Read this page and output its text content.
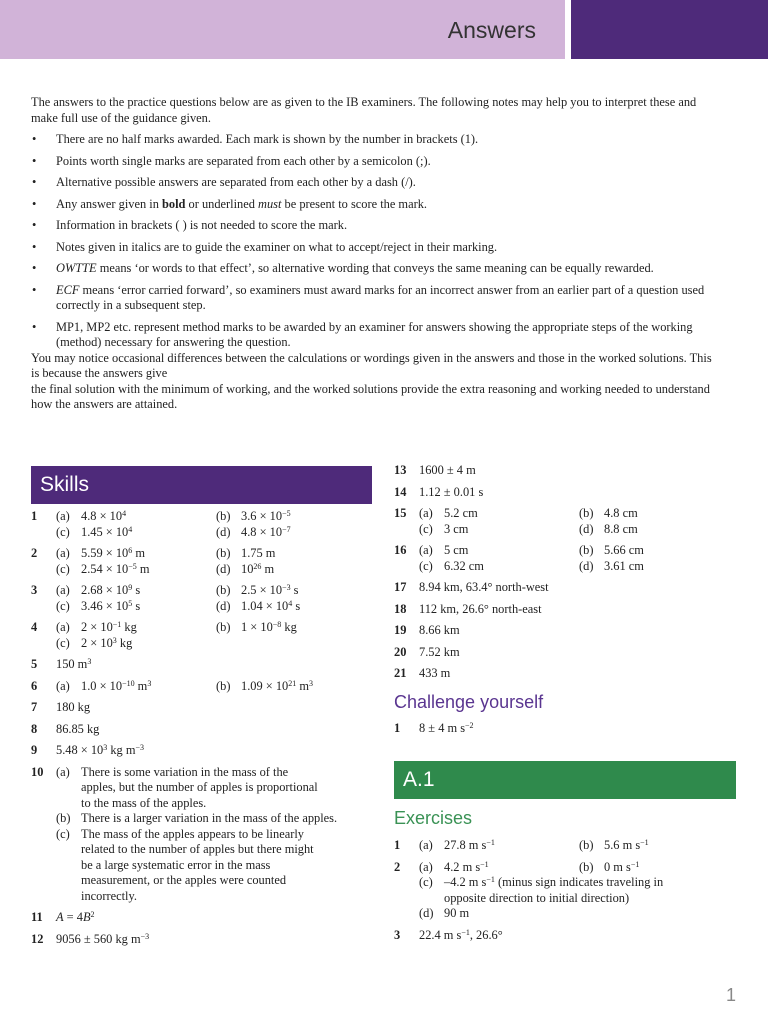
Answers

The answers to the practice questions below are as given to the IB examiners. The following notes may help you to interpret these and make full use of the guidance given.

• There are no half marks awarded. Each mark is shown by the number in brackets (1).
• Points worth single marks are separated from each other by a semicolon (;).
• Alternative possible answers are separated from each other by a dash (/).
• Any answer given in bold or underlined must be present to score the mark.
• Information in brackets ( ) is not needed to score the mark.
• Notes given in italics are to guide the examiner on what to accept/reject in their marking.
• OWTTE means ‘or words to that effect’, so alternative wording that conveys the same meaning can be equally rewarded.
• ECF means ‘error carried forward’, so examiners must award marks for an incorrect answer from an earlier part of a question used correctly in a subsequent step.
• MP1, MP2 etc. represent method marks to be awarded by an examiner for answers showing the appropriate steps of the working (method) necessary for answering the question.

You may notice occasional differences between the calculations or wordings given in the answers and those in the worked solutions. This is because the answers give

the final solution with the minimum of working, and the worked solutions provide the extra reasoning and working needed to understand how the answers are attained.

Skills
1 (a) $4.8 \times 10^4$	(b) $3.6 \times 10^{-5}$
(c) $1.45 \times 10^4$	(d) $4.8 \times 10^{-7}$
2 (a) $5.59 \times 10^6$ m	(b) 1.75 m
(c) $2.54 \times 10^{-5}$ m	(d) $10^{26}$ m
3 (a) $2.68 \times 10^9$ s	(b) $2.5 \times 10^{-3}$ s
(c) $3.46 \times 10^5$ s	(d) $1.04 \times 10^4$ s
4 (a) $2 \times 10^{-1}$ kg	(b) $1 \times 10^{-8}$ kg
(c) $2 \times 10^3$ kg
5 150 $m^3$
6 (a) $1.0 \times 10^{-10}$ $m^3$	(b) $1.09 \times 10^{21}$ $m^3$
7 180 kg
8 86.85 kg
9 $5.48 \times 10^3$ kg $m^{-3}$
10 (a) There is some variation in the mass of the apples, but the number of apples is proportional to the mass of the apples.
(b) There is a larger variation in the mass of the apples.
(c) The mass of the apples appears to be linearly related to the number of apples but there might be a large systematic error in the mass measurement, or the apples were counted incorrectly.
11 $A = 4B^2$
12 9056 ± 560 kg $m^{-3}$
13 1600 ± 4 m
14 1.12 ± 0.01 s
15 (a) 5.2 cm	(b) 4.8 cm
(c) 3 cm	(d) 8.8 cm
16 (a) 5 cm	(b) 5.66 cm
(c) 6.32 cm	(d) 3.61 cm
17 8.94 km, 63.4° north-west
18 112 km, 26.6° north-east
19 8.66 km
20 7.52 km
21 433 m
Challenge yourself
1 8 ± 4 m $s^{-2}$
A.1
Exercises
1 (a) 27.8 m $s^{-1}$	(b) 5.6 m $s^{-1}$
2 (a) 4.2 m $s^{-1}$	(b) 0 m $s^{-1}$
(c) –4.2 m $s^{-1}$ (minus sign indicates traveling in opposite direction to initial direction)
(d) 90 m
3 22.4 m $s^{-1}$, 26.6°
1
